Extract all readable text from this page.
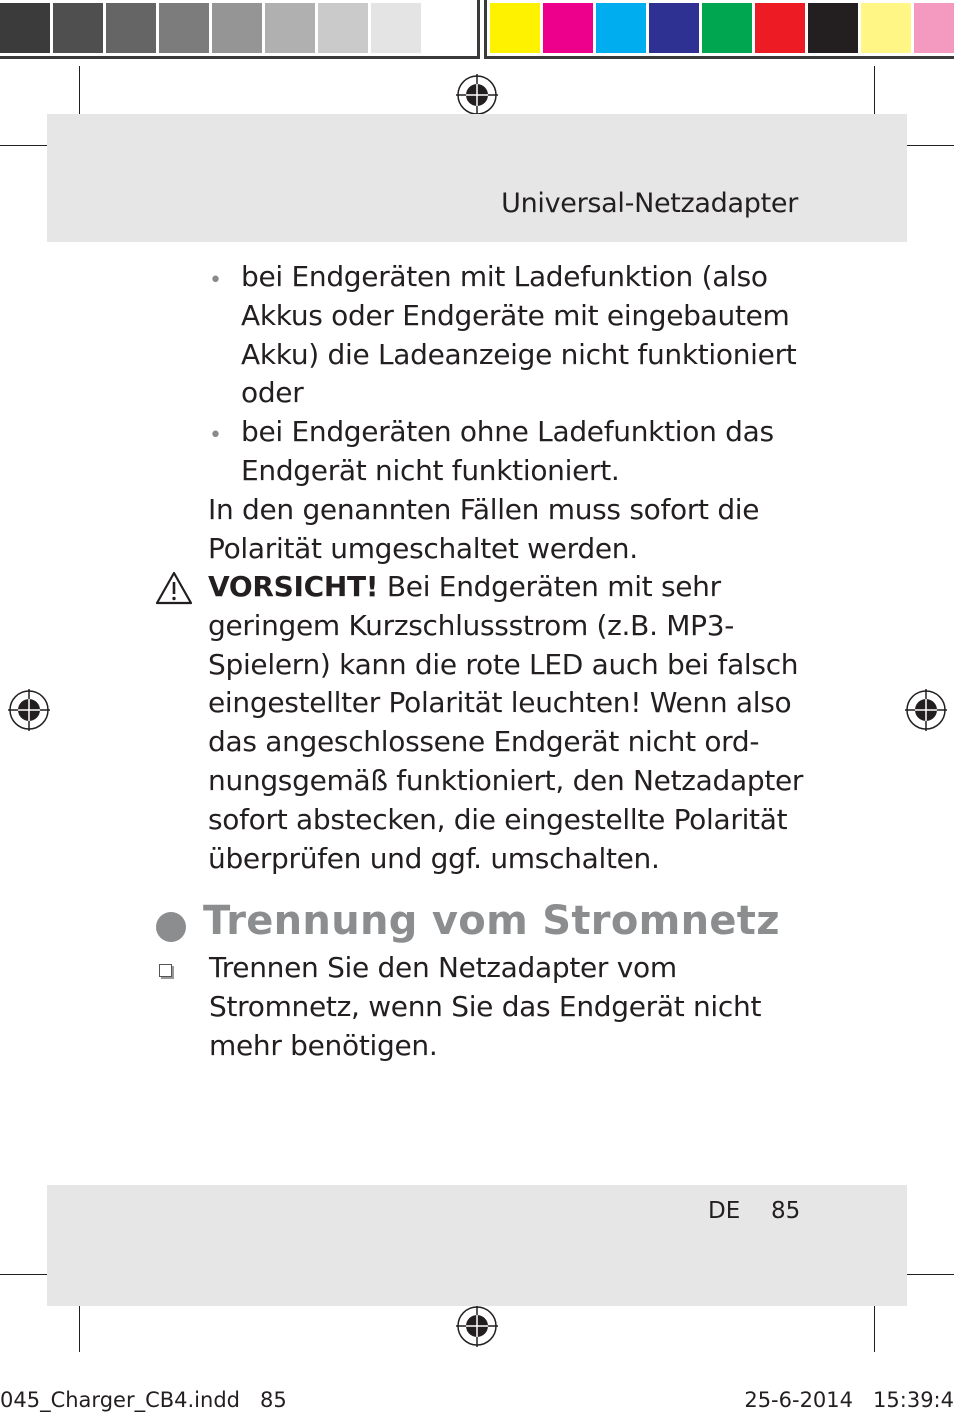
Universal-Netzadapter
• bei Endgeräten mit Ladefunktion (also
Akkus oder Endgeräte mit eingebautem
Akku) die Ladeanzeige nicht funktioniert
oder
• bei Endgeräten ohne Ladefunktion das
Endgerät nicht funktioniert.
In den genannten Fällen muss sofort die
Polarität umgeschaltet werden.
VORSICHT! Bei Endgeräten mit sehr
geringem Kurzschlussstrom (z.B. MP3-
Spielern) kann die rote LED auch bei falsch
eingestellter Polarität leuchten! Wenn also
das angeschlossene Endgerät nicht ord-
nungsgemäß funktioniert, den Netzadapter
sofort abstecken, die eingestellte Polarität
überprüfen und ggf. umschalten.
Trennung vom Stromnetz
Trennen Sie den Netzadapter vom
Stromnetz, wenn Sie das Endgerät nicht
mehr benötigen.
DE 85
045_Charger_CB4.indd   85	25-6-2014   15:39:4
